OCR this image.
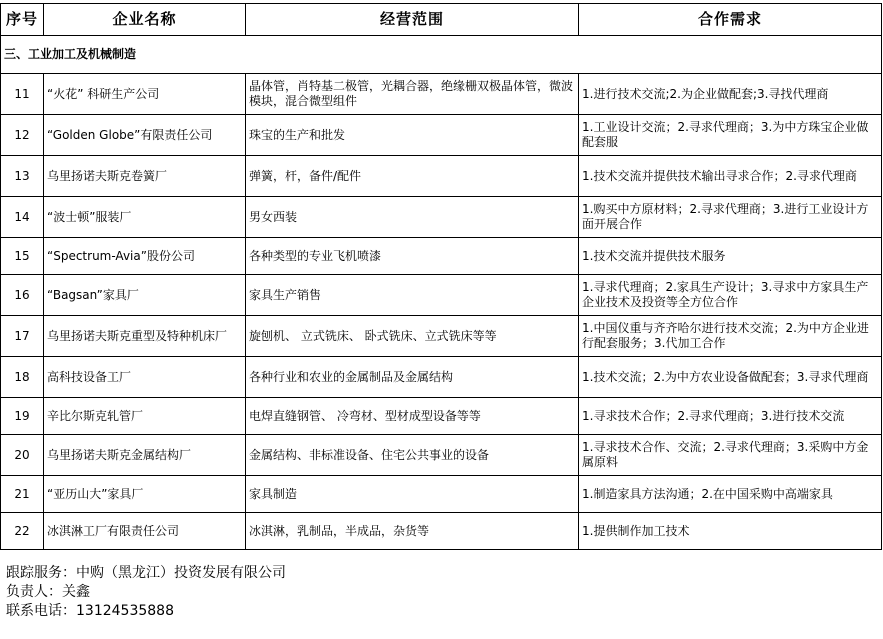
序号	企业名称	经营范围	合作需求
三、工业加工及机械制造			
11	“火花” 科研生产公司	晶体管，肖特基二极管，光耦合器，绝缘栅双极晶体管，微波模块，混合微型组件	1.进行技术交流;2.为企业做配套;3.寻找代理商
12	“Golden Globe”有限责任公司	珠宝的生产和批发	1.工业设计交流；2.寻求代理商；3.为中方珠宝企业做配套服
13	乌里扬诺夫斯克卷簧厂	弹簧，杆，备件/配件	1.技术交流并提供技术输出寻求合作；2.寻求代理商
14	“波士顿”服装厂	男女西装	1.购买中方原材料；2.寻求代理商；3.进行工业设计方面开展合作
15	“Spectrum-Avia”股份公司	各种类型的专业飞机喷漆	1.技术交流并提供技术服务
16	“Bagsan”家具厂	家具生产销售	1.寻求代理商；2.家具生产设计；3.寻求中方家具生产企业技术及投资等全方位合作
17	乌里扬诺夫斯克重型及特种机床厂	旋刨机、 立式铣床、 卧式铣床、立式铣床等等	1.中国仪重与齐齐哈尔进行技术交流；2.为中方企业进行配套服务；3.代加工合作
18	高科技设备工厂	各种行业和农业的金属制品及金属结构	1.技术交流；2.为中方农业设备做配套；3.寻求代理商
19	辛比尔斯克轧管厂	电焊直缝钢管、 冷弯材、型材成型设备等等	1.寻求技术合作；2.寻求代理商；3.进行技术交流
20	乌里扬诺夫斯克金属结构厂	金属结构、非标准设备、住宅公共事业的设备	1.寻求技术合作、交流；2.寻求代理商；3.采购中方金属原料
21	“亚历山大”家具厂	家具制造	1.制造家具方法沟通；2.在中国采购中高端家具
22	冰淇淋工厂有限责任公司	冰淇淋，乳制品，半成品，杂货等	1.提供制作加工技术
跟踪服务：中购（黑龙江）投资发展有限公司
负责人：关鑫
联系电话：13124535888
